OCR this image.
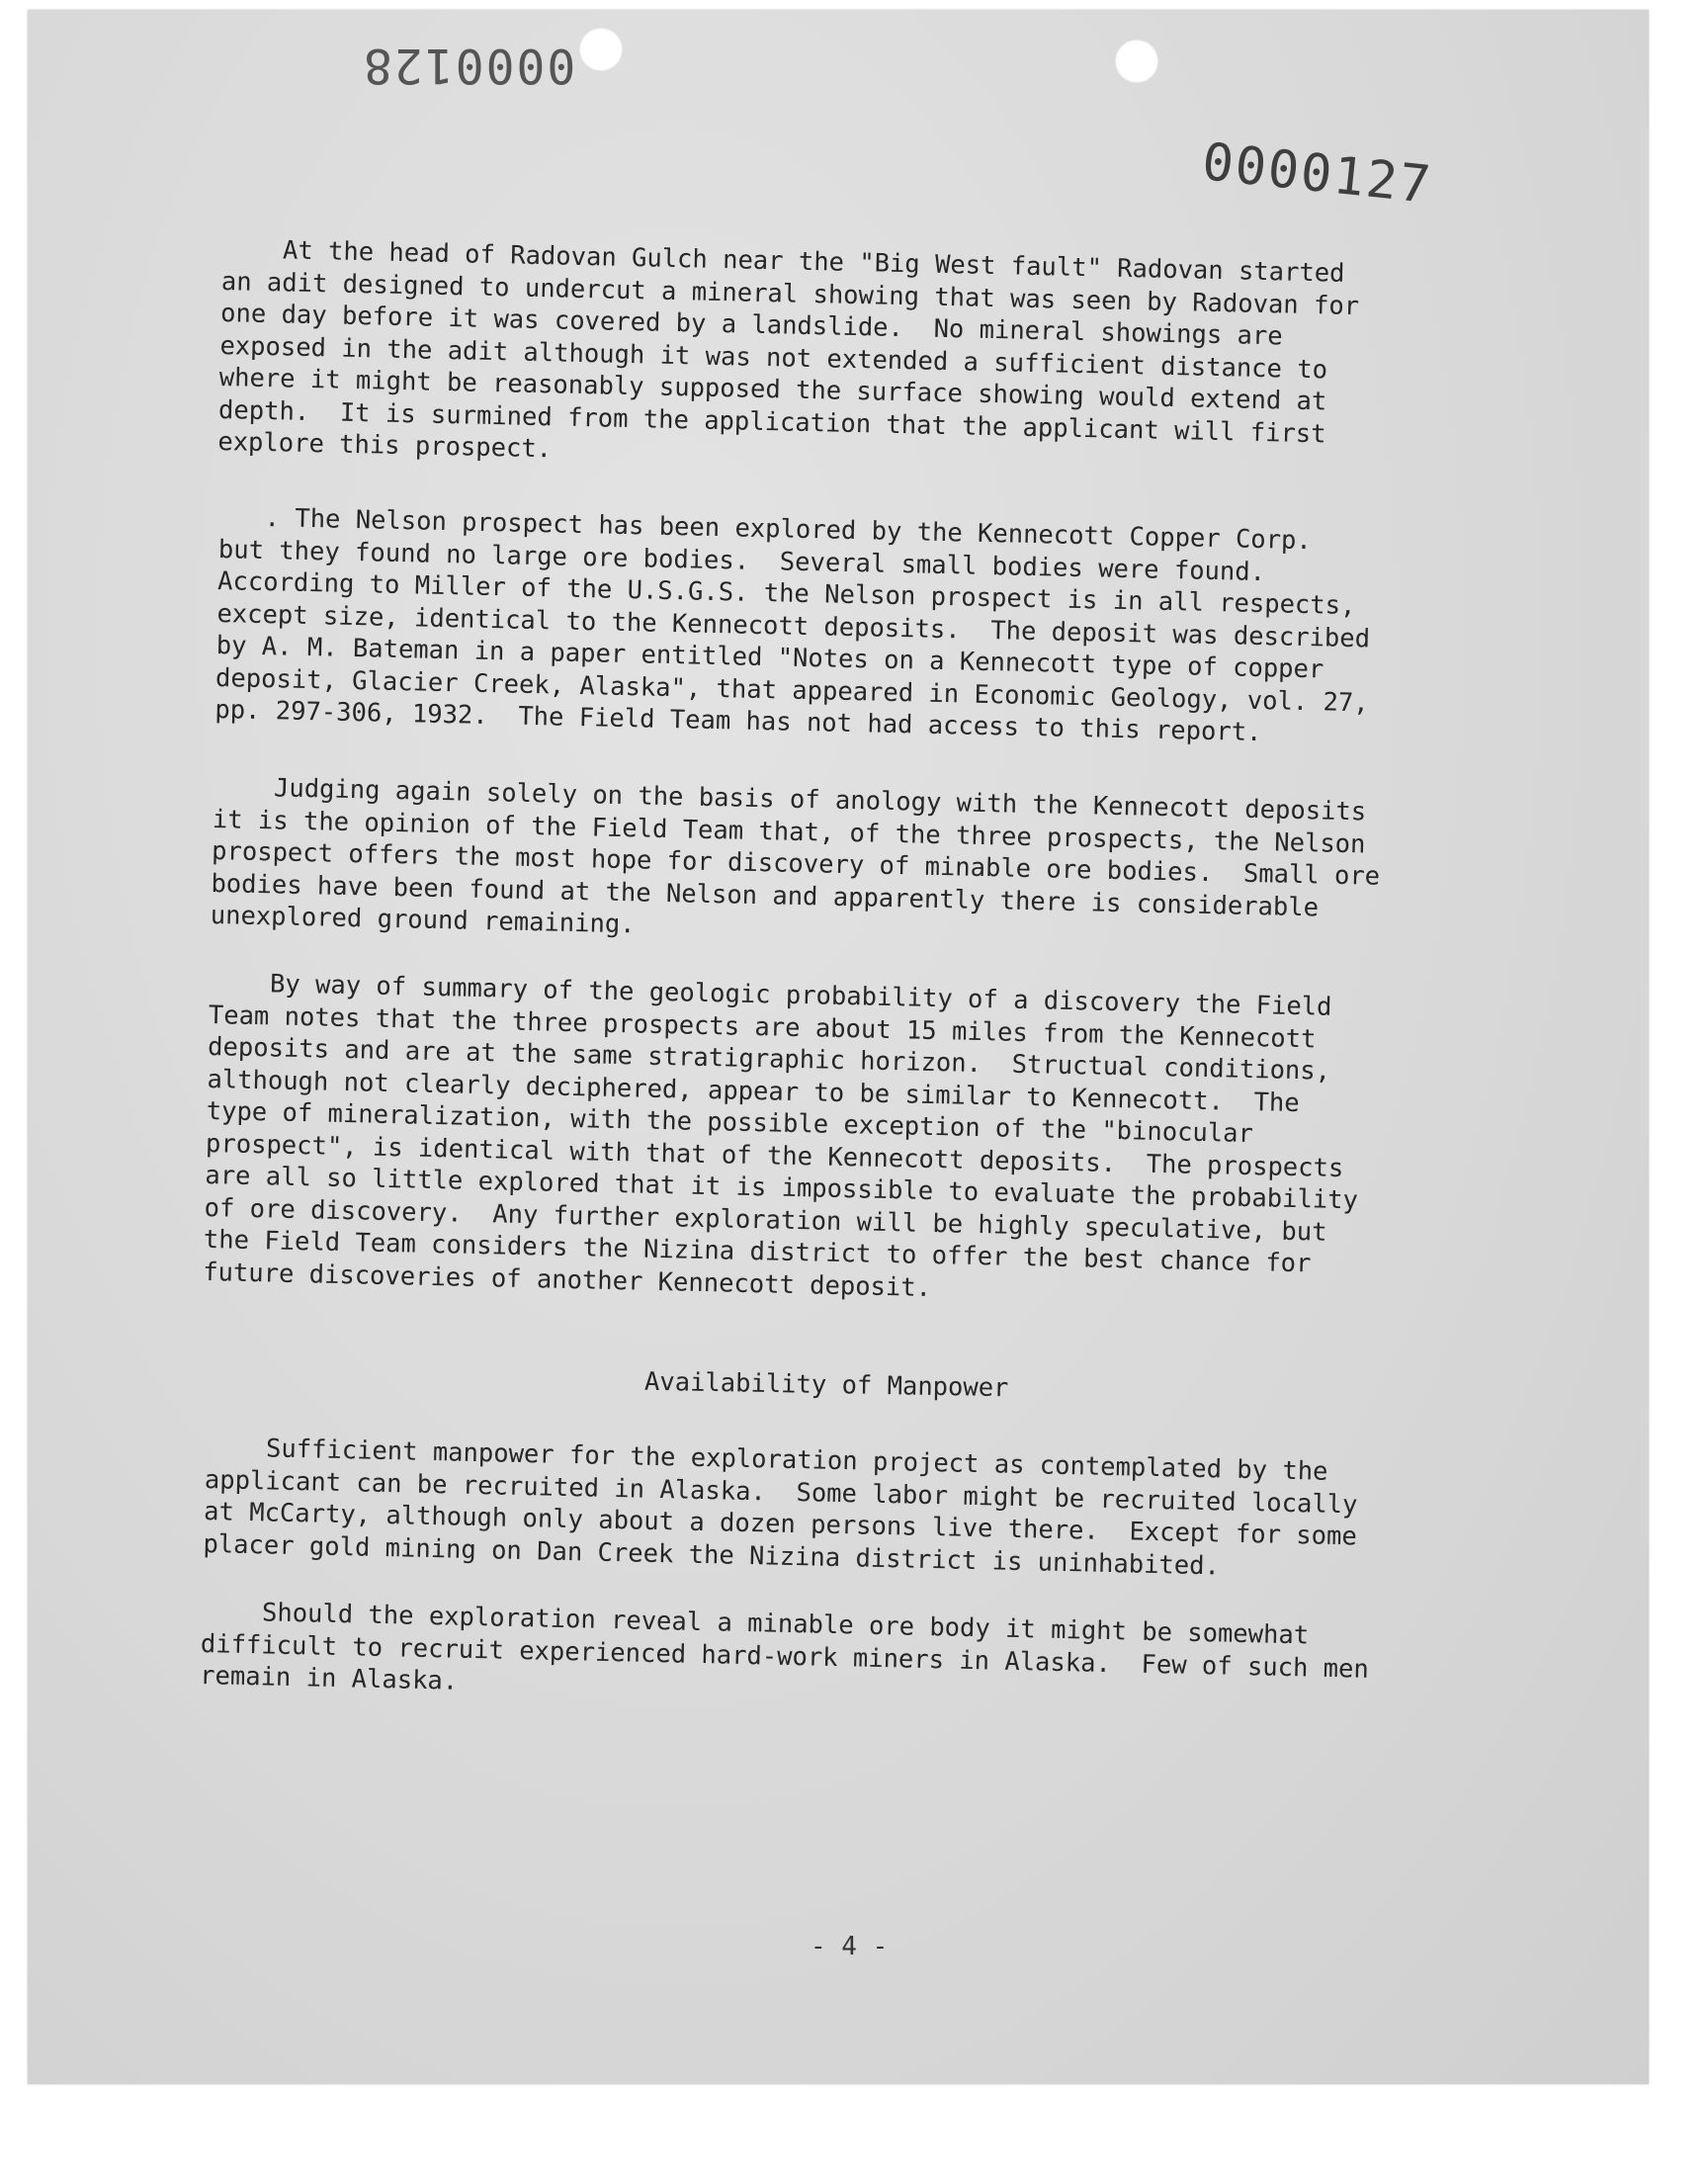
0000128
0000127
At the head of Radovan Gulch near the "Big West fault" Radovan started
an adit designed to undercut a mineral showing that was seen by Radovan for
one day before it was covered by a landslide.  No mineral showings are
exposed in the adit although it was not extended a sufficient distance to
where it might be reasonably supposed the surface showing would extend at
depth.  It is surmined from the application that the applicant will first
explore this prospect.
. The Nelson prospect has been explored by the Kennecott Copper Corp.
but they found no large ore bodies.  Several small bodies were found.
According to Miller of the U.S.G.S. the Nelson prospect is in all respects,
except size, identical to the Kennecott deposits.  The deposit was described
by A. M. Bateman in a paper entitled "Notes on a Kennecott type of copper
deposit, Glacier Creek, Alaska", that appeared in Economic Geology, vol. 27,
pp. 297-306, 1932.  The Field Team has not had access to this report.
Judging again solely on the basis of anology with the Kennecott deposits
it is the opinion of the Field Team that, of the three prospects, the Nelson
prospect offers the most hope for discovery of minable ore bodies.  Small ore
bodies have been found at the Nelson and apparently there is considerable
unexplored ground remaining.
By way of summary of the geologic probability of a discovery the Field
Team notes that the three prospects are about 15 miles from the Kennecott
deposits and are at the same stratigraphic horizon.  Structual conditions,
although not clearly deciphered, appear to be similar to Kennecott.  The
type of mineralization, with the possible exception of the "binocular
prospect", is identical with that of the Kennecott deposits.  The prospects
are all so little explored that it is impossible to evaluate the probability
of ore discovery.  Any further exploration will be highly speculative, but
the Field Team considers the Nizina district to offer the best chance for
future discoveries of another Kennecott deposit.
Availability of Manpower
Sufficient manpower for the exploration project as contemplated by the
applicant can be recruited in Alaska.  Some labor might be recruited locally
at McCarty, although only about a dozen persons live there.  Except for some
placer gold mining on Dan Creek the Nizina district is uninhabited.
Should the exploration reveal a minable ore body it might be somewhat
difficult to recruit experienced hard-work miners in Alaska.  Few of such men
remain in Alaska.
- 4 -
